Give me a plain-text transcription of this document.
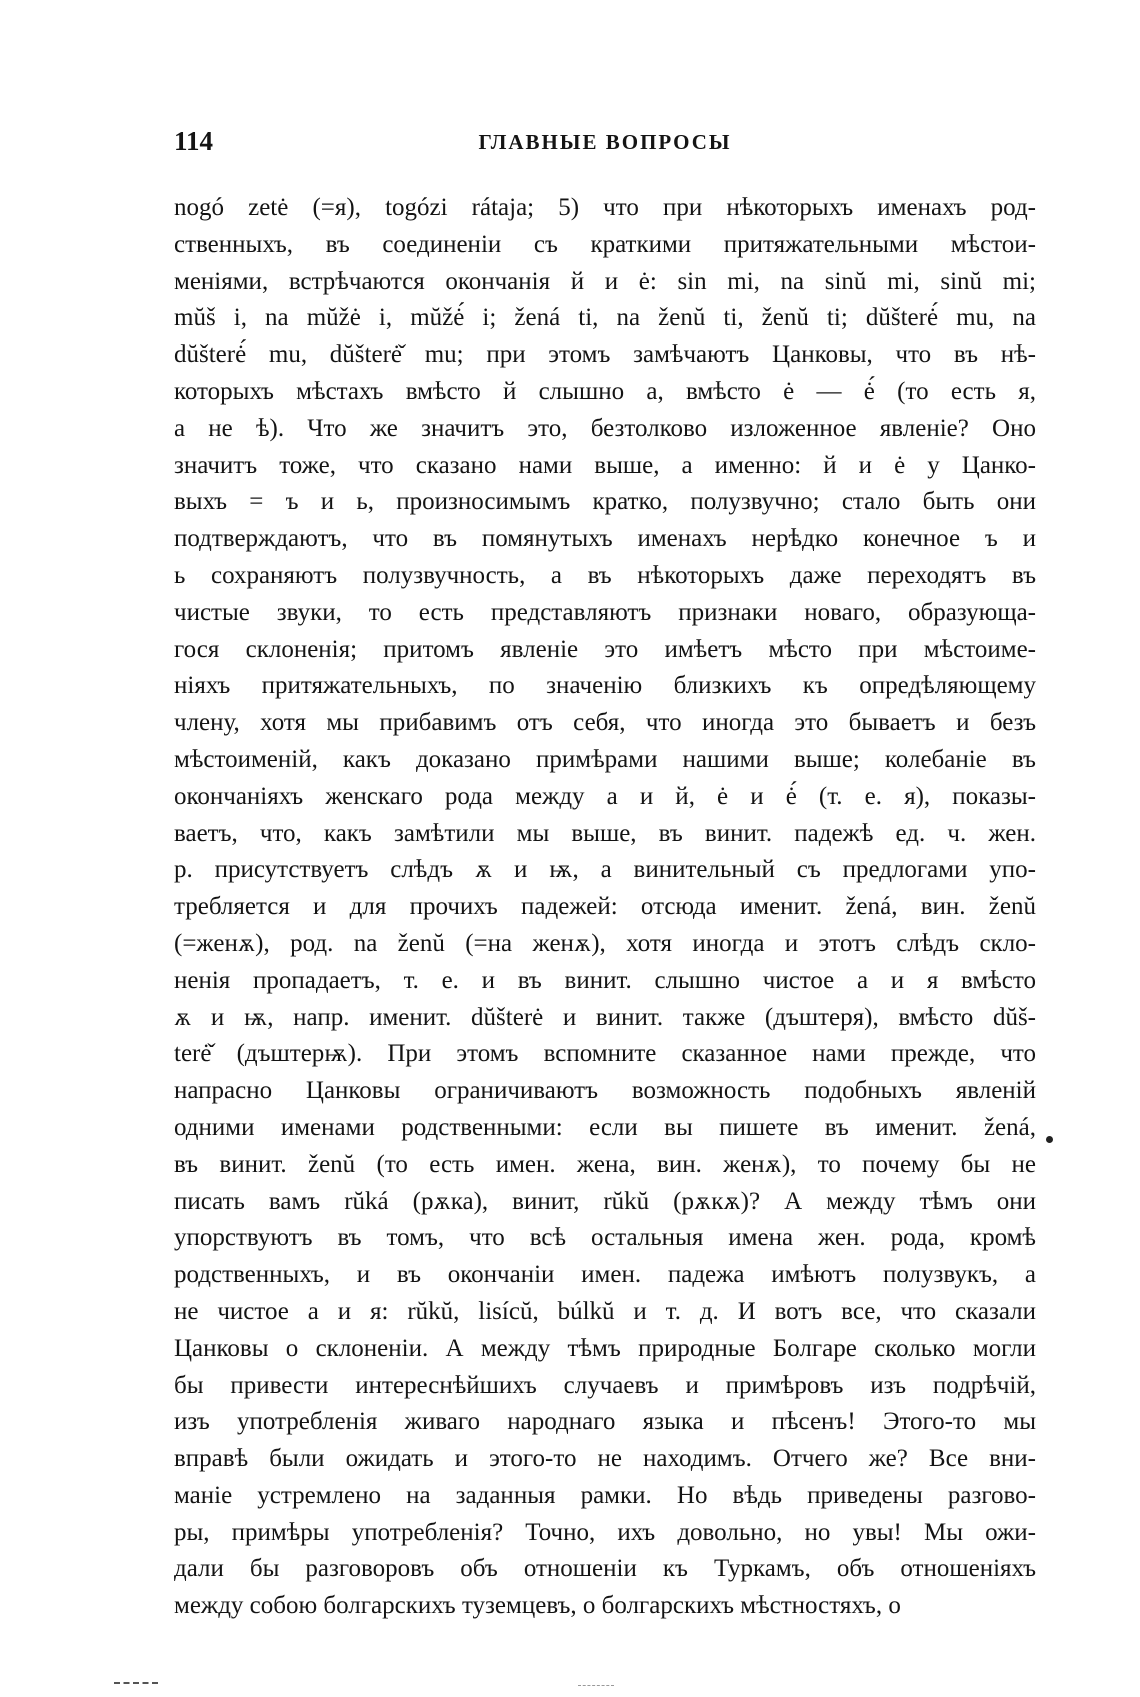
114	ГЛАВНЫЕ ВОПРОСЫ
nogó zetė (=я), togózi rátaja; 5) что при нѣкоторыхъ именахъ род-
ственныхъ, въ соединеніи съ краткими притяжательными мѣстои-
меніями, встрѣчаются окончанія й и ė: sin mi, na sinŭ mi, sinŭ mi;
mŭš i, na mŭžė i, mŭžė́ i; žená ti, na ženŭ ti, ženŭ ti; dŭšterė́ mu, na
dŭšterė́ mu, dŭšterė̌ mu; при этомъ замѣчаютъ Цанковы, что въ нѣ-
которыхъ мѣстахъ вмѣсто й слышно а, вмѣсто ė — ė́ (то есть я,
а не ѣ). Что же значитъ это, безтолково изложенное явленіе? Оно
значитъ тоже, что сказано нами выше, а именно: й и ė у Цанко-
выхъ = ъ и ь, произносимымъ кратко, полузвучно; стало быть они
подтверждаютъ, что въ помянутыхъ именахъ нерѣдко конечное ъ и
ь сохраняютъ полузвучность, а въ нѣкоторыхъ даже переходятъ въ
чистые звуки, то есть представляютъ признаки новаго, образующа-
гося склоненія; притомъ явленіе это имѣетъ мѣсто при мѣстоиме-
ніяхъ притяжательныхъ, по значенію близкихъ къ опредѣляющему
члену, хотя мы прибавимъ отъ себя, что иногда это бываетъ и безъ
мѣстоименій, какъ доказано примѣрами нашими выше; колебаніе въ
окончаніяхъ женскаго рода между а и й, ė и ė́ (т. е. я), показы-
ваетъ, что, какъ замѣтили мы выше, въ винит. падежѣ ед. ч. жен.
р. присутствуетъ слѣдъ ѫ и ѭ, а винительный съ предлогами упо-
требляется и для прочихъ падежей: отсюда именит. žená, вин. ženŭ
(=женѫ), род. na ženŭ (=на женѫ), хотя иногда и этотъ слѣдъ скло-
ненія пропадаетъ, т. е. и въ винит. слышно чистое а и я вмѣсто
ѫ и ѭ, напр. именит. dŭšterė и винит. также (дъштеря), вмѣсто dŭš-
terė̌ (дъштерѭ). При этомъ вспомните сказанное нами прежде, что
напрасно Цанковы ограничиваютъ возможность подобныхъ явленій
одними именами родственными: если вы пишете въ именит. žená,
въ винит. ženŭ (то есть имен. жена, вин. женѫ), то почему бы не
писать вамъ rŭká (рѫка), винит, rŭkŭ (рѫкѫ)? А между тѣмъ они
упорствуютъ въ томъ, что всѣ остальныя имена жен. рода, кромѣ
родственныхъ, и въ окончаніи имен. падежа имѣютъ полузвукъ, а
не чистое а и я: rŭkŭ, lisícŭ, búlkŭ и т. д. И вотъ все, что сказали
Цанковы о склоненіи. А между тѣмъ природные Болгаре сколько могли
бы привести интереснѣйшихъ случаевъ и примѣровъ изъ подрѣчій,
изъ употребленія живаго народнаго языка и пѣсенъ! Этого-то мы
вправѣ были ожидать и этого-то не находимъ. Отчего же? Все вни-
маніе устремлено на заданныя рамки. Но вѣдь приведены разгово-
ры, примѣры употребленія? Точно, ихъ довольно, но увы! Мы ожи-
дали бы разговоровъ объ отношеніи къ Туркамъ, объ отношеніяхъ
между собою болгарскихъ туземцевъ, о болгарскихъ мѣстностяхъ, о
